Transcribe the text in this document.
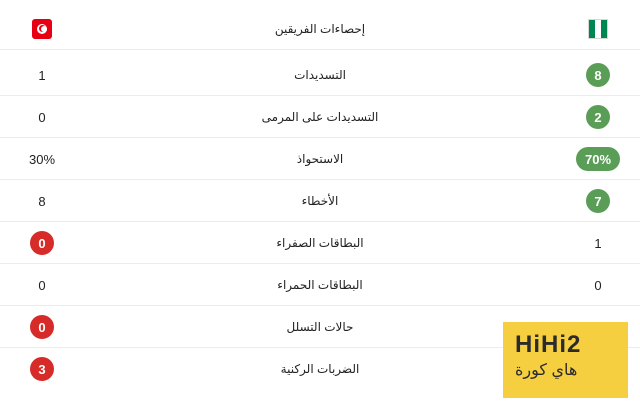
إحصاءات الفريقين
1	التسديدات	8
0	التسديدات على المرمى	2
30%	الاستحواذ	70%
8	الأخطاء	7
0	البطاقات الصفراء	1
0	البطاقات الحمراء	0
0	حالات التسلل
3	الضربات الركنية
HiHi2
هاي كورة
